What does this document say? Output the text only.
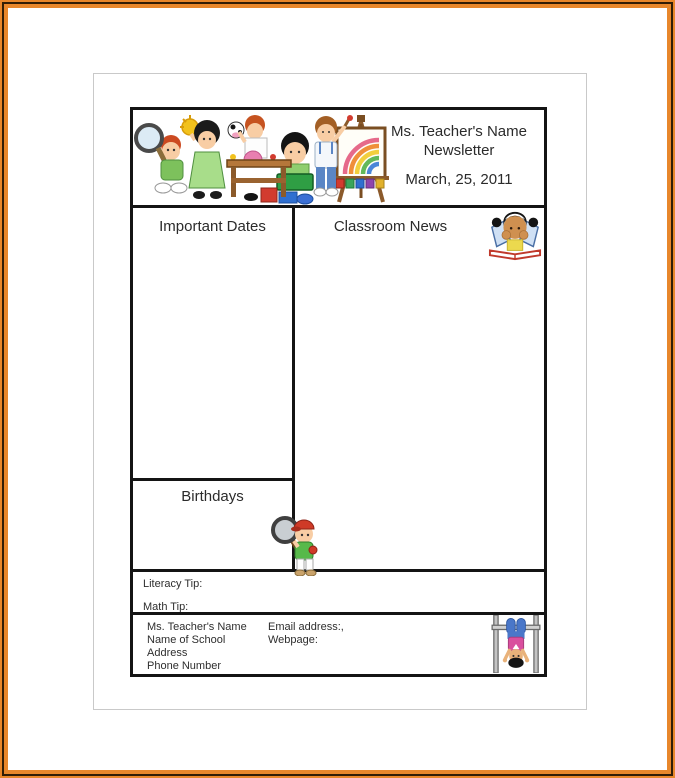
Ms. Teacher's Name
Newsletter
March, 25, 2011
Important Dates
Birthdays
Classroom News
Literacy Tip:
Math Tip:
Ms. Teacher's Name
Name of School
Address
Phone Number
Email address:,
Webpage:
